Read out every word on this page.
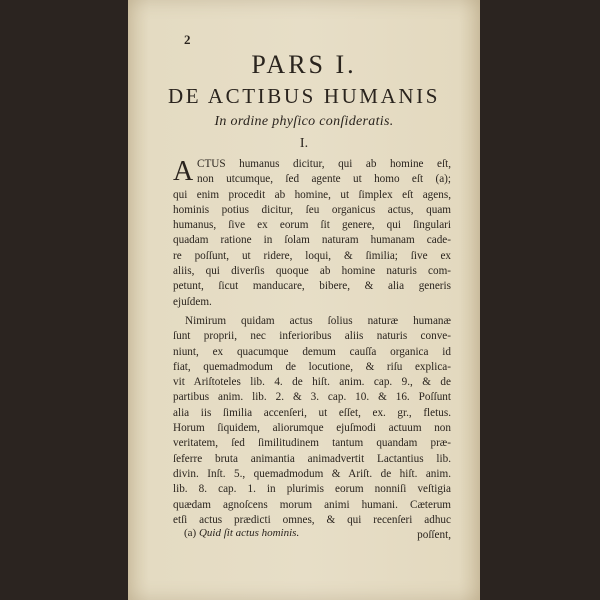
2
PARS I.
DE ACTIBUS HUMANIS
In ordine phyſico conſideratis.
I.
A CTUS humanus dicitur, qui ab homine eſt,
non utcumque, ſed agente ut homo eſt (a);
qui enim procedit ab homine, ut ſimplex eſt agens,
hominis potius dicitur, ſeu organicus actus, quam
humanus, ſive ex eorum ſit genere, qui ſingulari
quadam ratione in ſolam naturam humanam cade-
re poſſunt, ut ridere, loqui, & ſimilia; ſive ex
aliis, qui diverſis quoque ab homine naturis com-
petunt, ſicut manducare, bibere, & alia generis
ejuſdem.
Nimirum quidam actus ſolius naturæ humanæ
ſunt proprii, nec inferioribus aliis naturis conve-
niunt, ex quacumque demum cauſſa organica id
fiat, quemadmodum de locutione, & riſu explica-
vit Ariſtoteles lib. 4. de hiſt. anim. cap. 9., & de
partibus anim. lib. 2. & 3. cap. 10. & 16. Poſſunt
alia iis ſimilia accenſeri, ut eſſet, ex. gr., fletus.
Horum ſiquidem, aliorumque ejuſmodi actuum non
veritatem, ſed ſimilitudinem tantum quandam præ-
ſeferre bruta animantia animadvertit Lactantius lib.
divin. Inſt. 5., quemadmodum & Ariſt. de hiſt. anim.
lib. 8. cap. 1. in plurimis eorum nonniſi veſtigia
quædam agnoſcens morum animi humani. Cæterum
etſi actus prædicti omnes, & qui recenſeri adhuc
poſſent,
(a) Quid ſit actus hominis.
